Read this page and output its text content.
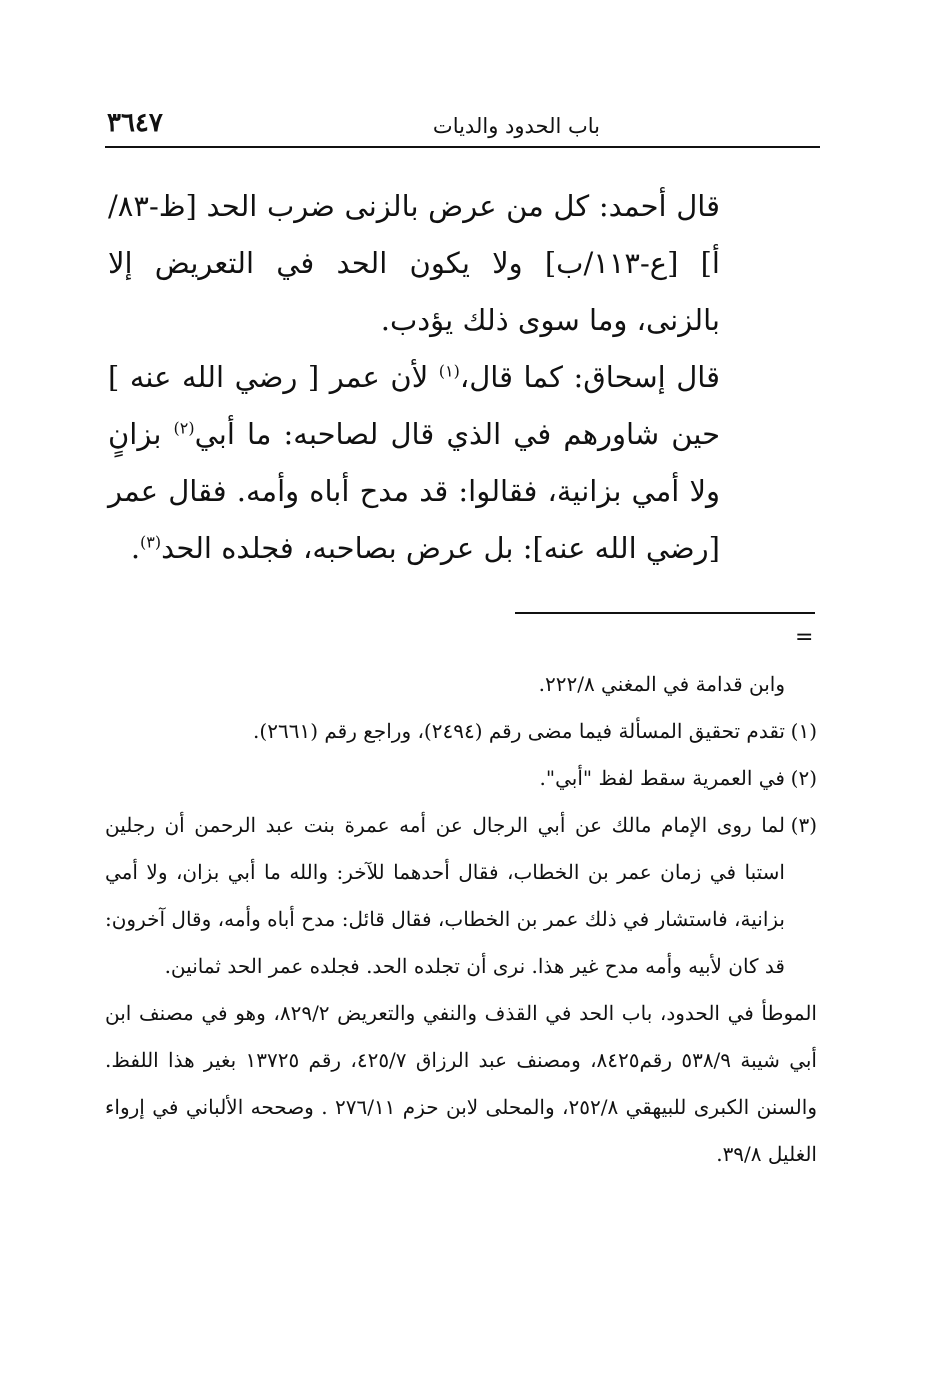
باب الحدود والديات
٣٦٤٧

قال أحمد: كل من عرض بالزنى ضرب الحد [ظ-٨٣/أ] [ع-١١٣/ب] ولا يكون الحد في التعريض إلا بالزنى، وما سوى ذلك يؤدب.

قال إسحاق: كما قال،$^{(١)}$ لأن عمر [ رضي الله عنه ] حين شاورهم في الذي قال لصاحبه: ما أبي$^{(٢)}$ بزانٍ ولا أمي بزانية، فقالوا: قد مدح أباه وأمه. فقال عمر [رضي الله عنه]: بل عرض بصاحبه، فجلده الحد$^{(٣)}$.

=

وابن قدامة في المغني ٢٢٢/٨.

(١)تقدم تحقيق المسألة فيما مضى رقم (٢٤٩٤)، وراجع رقم (٢٦٦١).

(٢)في العمرية سقط لفظ "أبي".

(٣)لما روى الإمام مالك عن أبي الرجال عن أمه عمرة بنت عبد الرحمن أن رجلين استبا في زمان عمر بن الخطاب، فقال أحدهما للآخر: والله ما أبي بزان، ولا أمي بزانية، فاستشار في ذلك عمر بن الخطاب، فقال قائل: مدح أباه وأمه، وقال آخرون: قد كان لأبيه وأمه مدح غير هذا. نرى أن تجلده الحد. فجلده عمر الحد ثمانين.

الموطأ في الحدود، باب الحد في القذف والنفي والتعريض ٨٢٩/٢، وهو في مصنف ابن أبي شيبة ٥٣٨/٩ رقم٨٤٢٥، ومصنف عبد الرزاق ٤٢٥/٧، رقم ١٣٧٢٥ بغير هذا اللفظ. والسنن الكبرى للبيهقي ٢٥٢/٨، والمحلى لابن حزم ٢٧٦/١١ . وصححه الألباني في إرواء الغليل ٣٩/٨.
